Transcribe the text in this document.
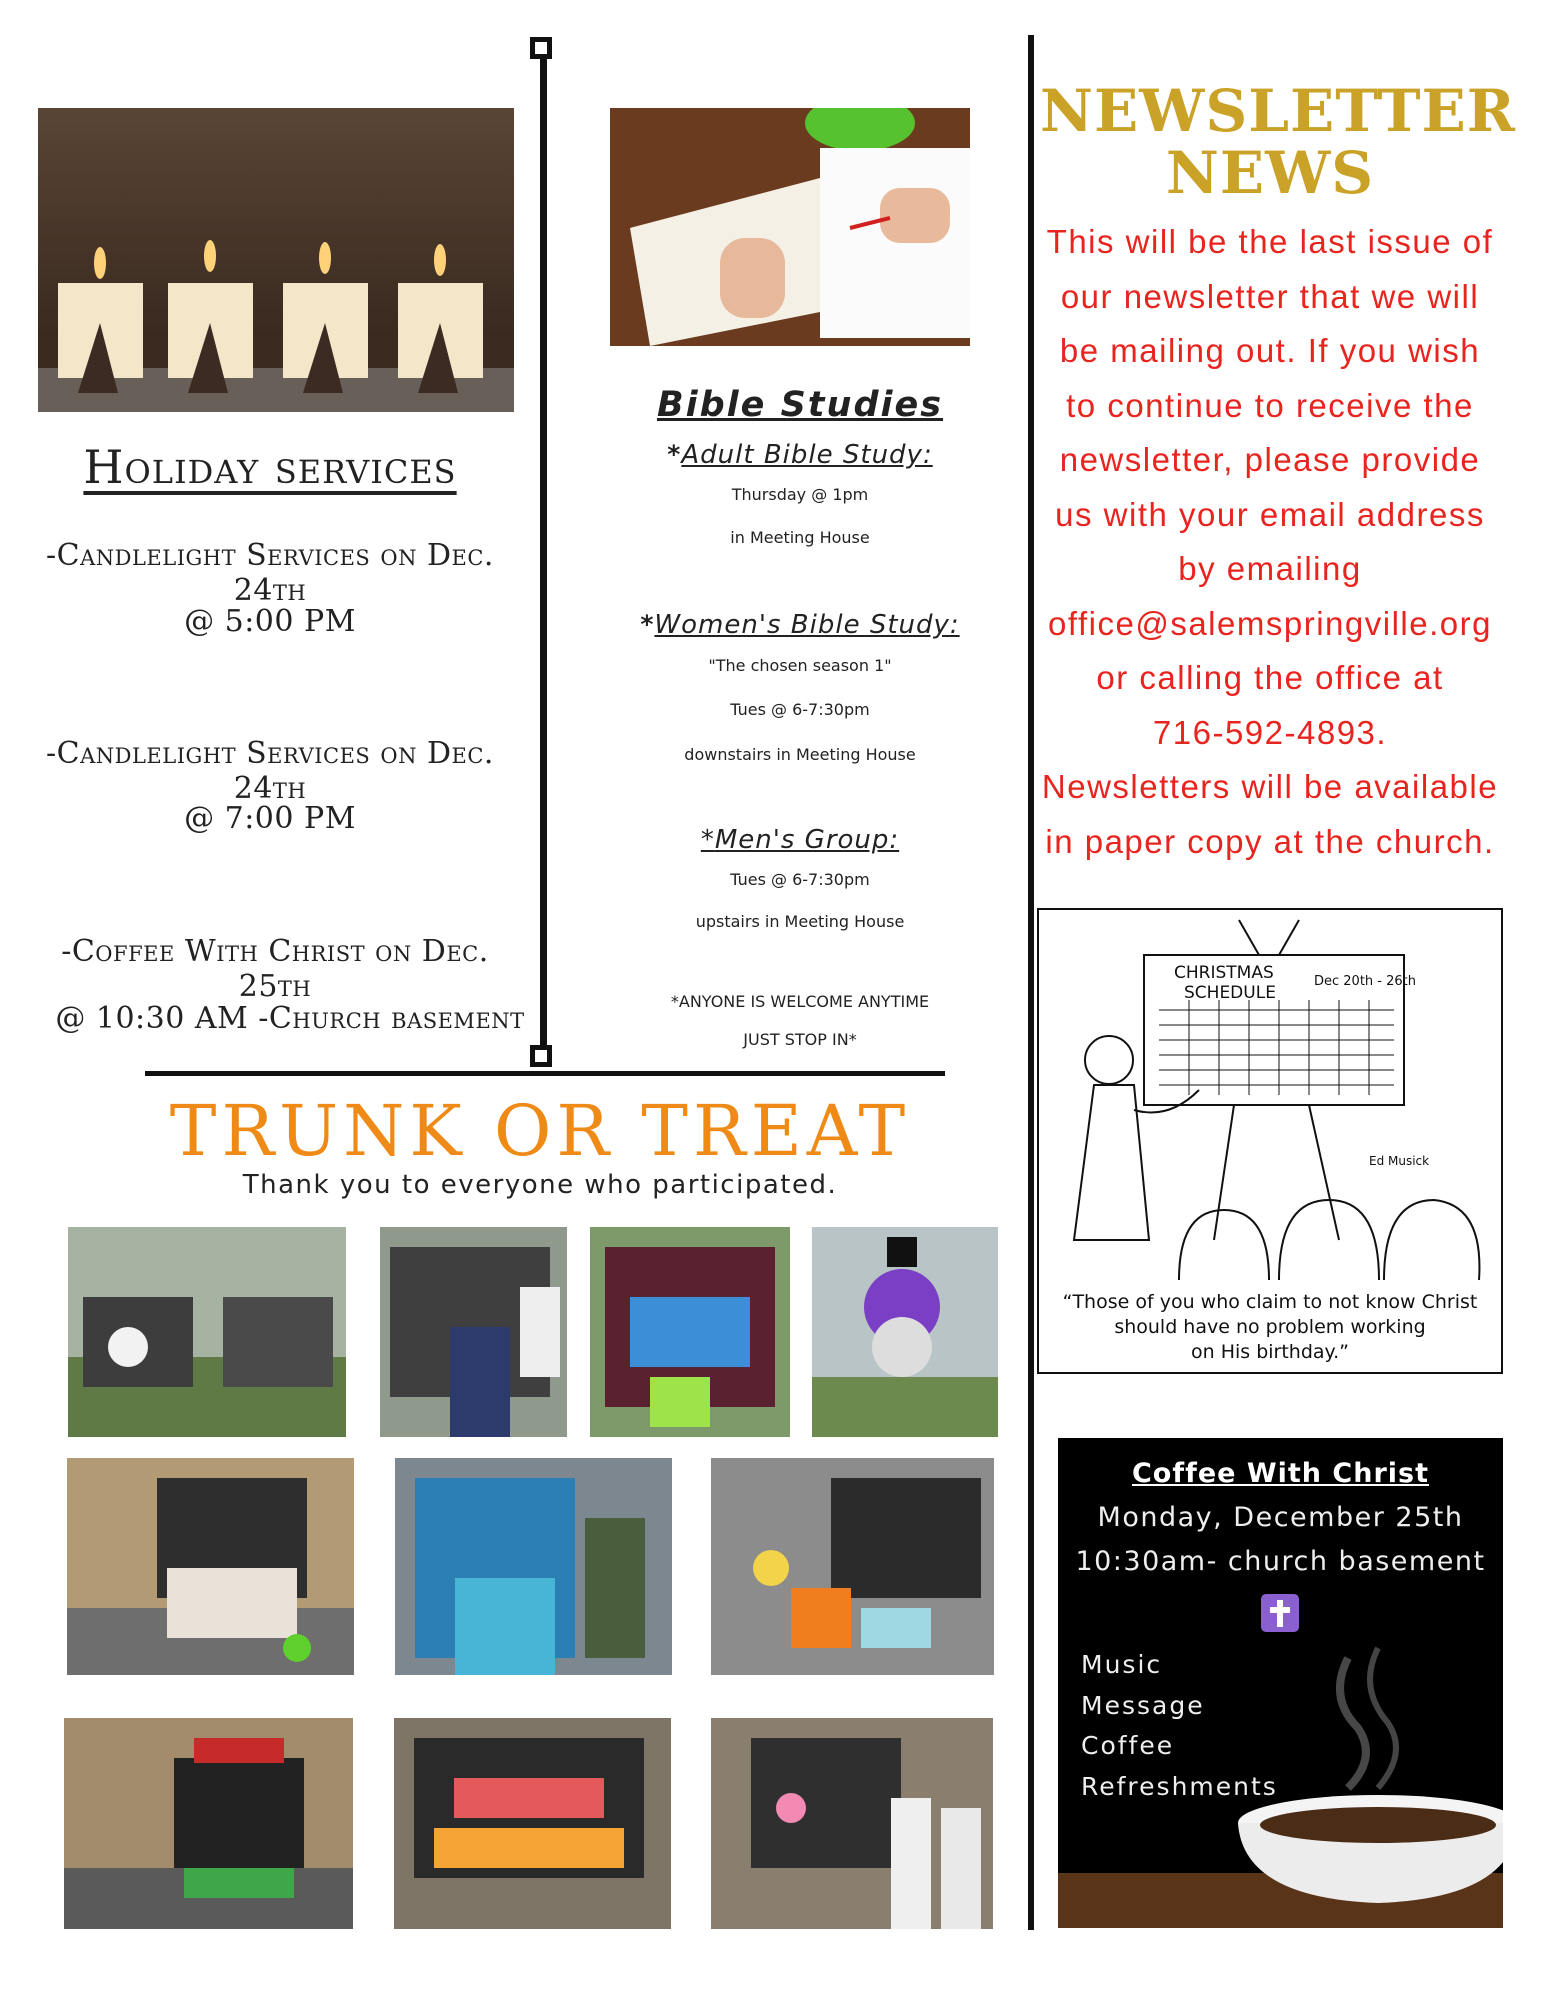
Holiday services
-Candlelight Services on Dec. 24th
@ 5:00 PM
-Candlelight Services on Dec. 24th
@ 7:00 PM
-Coffee With Christ on Dec. 25th
@ 10:30 AM -Church basement
Bible Studies
*Adult Bible Study:
Thursday @ 1pm
in Meeting House
*Women's Bible Study:
"The chosen season 1"
Tues @ 6-7:30pm
downstairs in Meeting House
*Men's Group:
Tues @ 6-7:30pm
upstairs in Meeting House
*ANYONE IS WELCOME ANYTIME
JUST STOP IN*
NEWSLETTER
NEWS
This will be the last issue of
our newsletter that we will
be mailing out. If you wish
to continue to receive the
newsletter, please provide
us with your email address
by emailing
office@salemspringville.org
or calling the office at
716-592-4893.
Newsletters will be available
in paper copy at the church.
CHRISTMAS
SCHEDULE
Dec 20th - 26th
Ed Musick
“Those of you who claim to not know Christ
should have no problem working
on His birthday.”
TRUNK OR TREAT
Thank you to everyone who participated.
Coffee With Christ
Monday, December 25th
10:30am- church basement
Music
Message
Coffee
Refreshments
